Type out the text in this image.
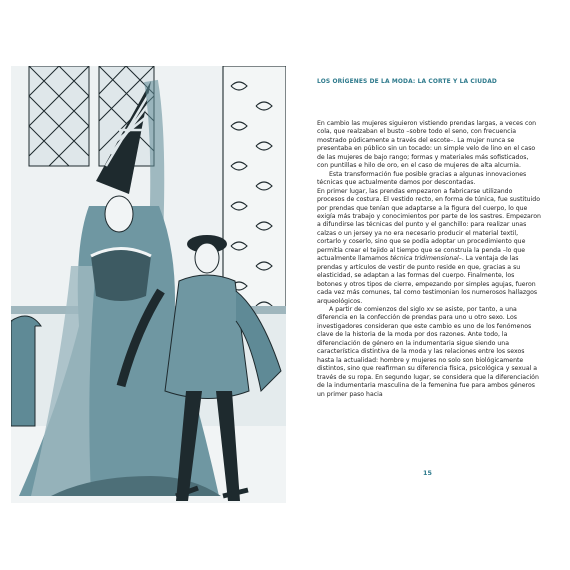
LOS ORÍGENES DE LA MODA: LA CORTE Y LA CIUDAD

En cambio las mujeres siguieron vistiendo prendas largas, a veces con cola, que realzaban el busto –sobre todo el seno, con frecuencia mostrado púdicamente a través del escote–. La mujer nunca se presentaba en público sin un tocado: un simple velo de lino en el caso de las mujeres de bajo rango; formas y materiales más sofisticados, con puntillas e hilo de oro, en el caso de mujeres de alta alcurnia.

Esta transformación fue posible gracias a algunas innovaciones técnicas que actualmente damos por descontadas.

En primer lugar, las prendas empezaron a fabricarse utilizando procesos de costura. El vestido recto, en forma de túnica, fue sustituido por prendas que tenían que adaptarse a la figura del cuerpo, lo que exigía más trabajo y conocimientos por parte de los sastres. Empezaron a difundirse las técnicas del punto y el ganchillo: para realizar unas calzas o un jersey ya no era necesario producir el material textil, cortarlo y coserlo, sino que se podía adoptar un procedimiento que permitía crear el tejido al tiempo que se construía la penda –lo que actualmente llamamos técnica tridimensional–. La ventaja de las prendas y artículos de vestir de punto reside en que, gracias a su elasticidad, se adaptan a las formas del cuerpo. Finalmente, los botones y otros tipos de cierre, empezando por simples agujas, fueron cada vez más comunes, tal como testimonian los numerosos hallazgos arqueológicos.

A partir de comienzos del siglo xv se asiste, por tanto, a una diferencia en la confección de prendas para uno u otro sexo. Los investigadores consideran que este cambio es uno de los fenómenos clave de la historia de la moda por dos razones. Ante todo, la diferenciación de género en la indumentaria sigue siendo una característica distintiva de la moda y las relaciones entre los sexos hasta la actualidad: hombre y mujeres no solo son biológicamente distintos, sino que reafirman su diferencia física, psicológica y sexual a través de su ropa. En segundo lugar, se considera que la diferenciación de la indumentaria masculina de la femenina fue para ambos géneros un primer paso hacia

15
